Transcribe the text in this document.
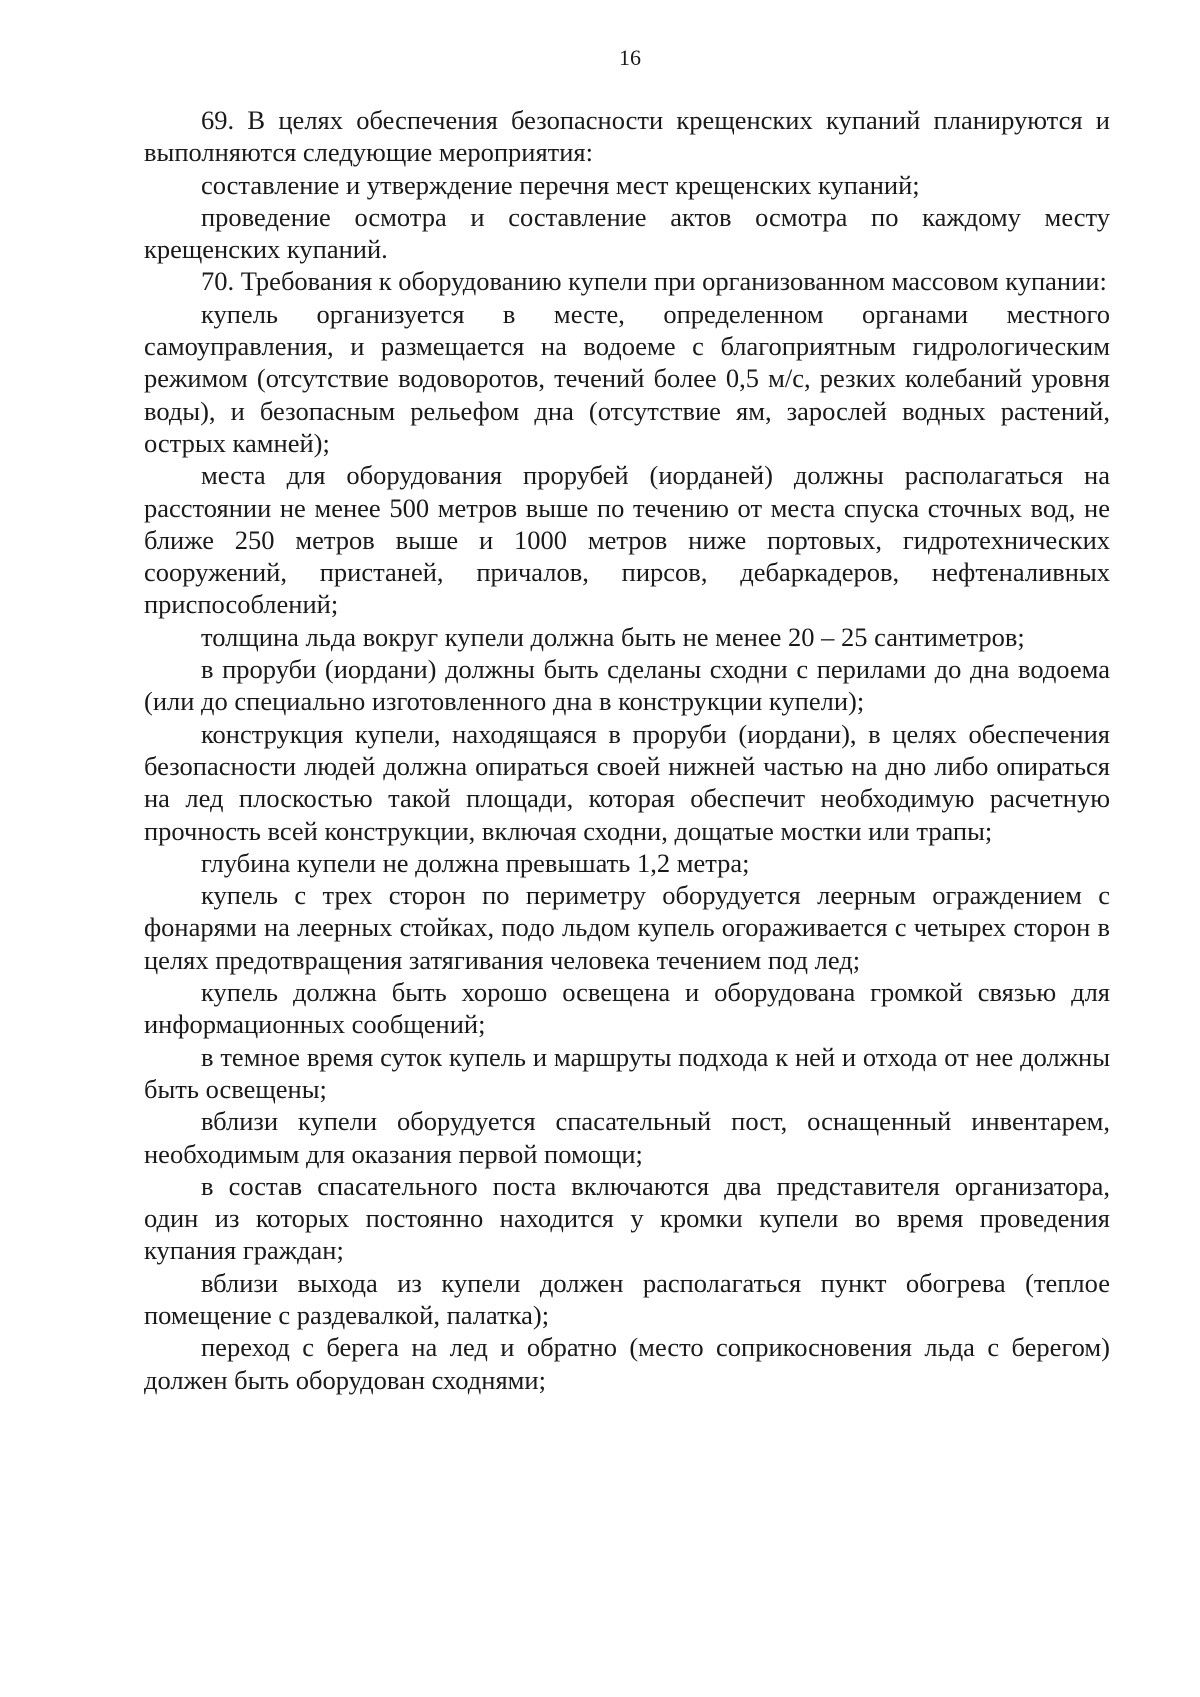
16

69. В целях обеспечения безопасности крещенских купаний планируются и выполняются следующие мероприятия:

составление и утверждение перечня мест крещенских купаний;

проведение осмотра и составление актов осмотра по каждому месту крещенских купаний.

70. Требования к оборудованию купели при организованном массовом купании:

купель организуется в месте, определенном органами местного самоуправления, и размещается на водоеме с благоприятным гидрологическим режимом (отсутствие водоворотов, течений более 0,5 м/с, резких колебаний уровня воды), и безопасным рельефом дна (отсутствие ям, зарослей водных растений, острых камней);

места для оборудования прорубей (иорданей) должны располагаться на расстоянии не менее 500 метров выше по течению от места спуска сточных вод, не ближе 250 метров выше и 1000 метров ниже портовых, гидротехнических сооружений, пристаней, причалов, пирсов, дебаркадеров, нефтеналивных приспособлений;

толщина льда вокруг купели должна быть не менее 20 – 25 сантиметров;

в проруби (иордани) должны быть сделаны сходни с перилами до дна водоема (или до специально изготовленного дна в конструкции купели);

конструкция купели, находящаяся в проруби (иордани), в целях обеспечения безопасности людей должна опираться своей нижней частью на дно либо опираться на лед плоскостью такой площади, которая обеспечит необходимую расчетную прочность всей конструкции, включая сходни, дощатые мостки или трапы;

глубина купели не должна превышать 1,2 метра;

купель с трех сторон по периметру оборудуется леерным ограждением с фонарями на леерных стойках, подо льдом купель огораживается с четырех сторон в целях предотвращения затягивания человека течением под лед;

купель должна быть хорошо освещена и оборудована громкой связью для информационных сообщений;

в темное время суток купель и маршруты подхода к ней и отхода от нее должны быть освещены;

вблизи купели оборудуется спасательный пост, оснащенный инвентарем, необходимым для оказания первой помощи;

в состав спасательного поста включаются два представителя организатора, один из которых постоянно находится у кромки купели во время проведения купания граждан;

вблизи выхода из купели должен располагаться пункт обогрева (теплое помещение с раздевалкой, палатка);

переход с берега на лед и обратно (место соприкосновения льда с берегом) должен быть оборудован сходнями;
